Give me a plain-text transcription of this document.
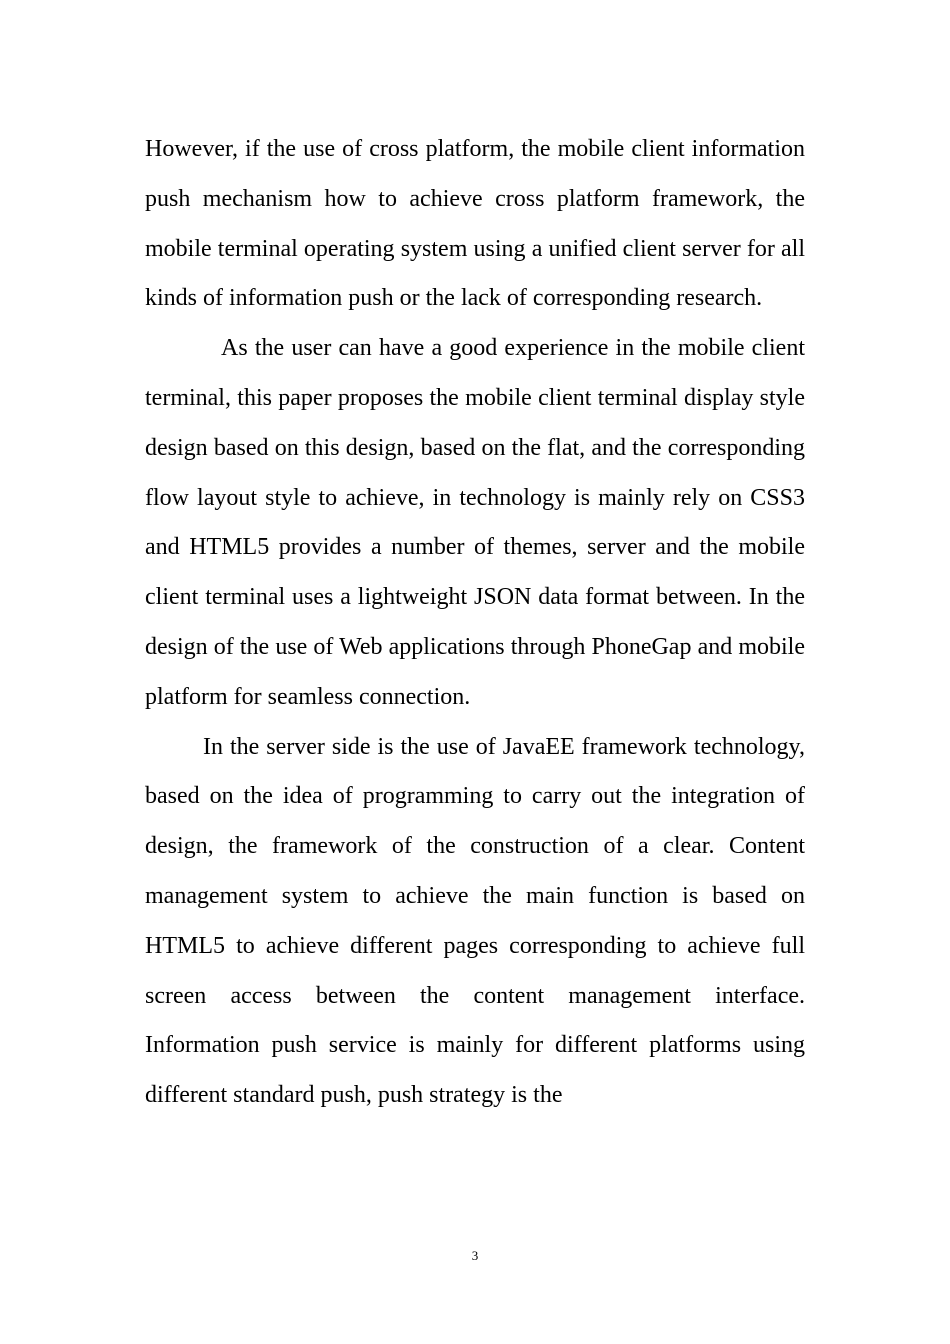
However, if the use of cross platform, the mobile client information push mechanism how to achieve cross platform framework, the mobile terminal operating system using a unified client server for all kinds of information push or the lack of corresponding research.

As the user can have a good experience in the mobile client terminal, this paper proposes the mobile client terminal display style design based on this design, based on the flat, and the corresponding flow layout style to achieve, in technology is mainly rely on CSS3 and HTML5 provides a number of themes, server and the mobile client terminal uses a lightweight JSON data format between. In the design of the use of Web applications through PhoneGap and mobile platform for seamless connection.

In the server side is the use of JavaEE framework technology, based on the idea of programming to carry out the integration of design, the framework of the construction of a clear. Content management system to achieve the main function is based on HTML5 to achieve different pages corresponding to achieve full screen access between the content management interface. Information push service is mainly for different platforms using different standard push, push strategy is the

3
